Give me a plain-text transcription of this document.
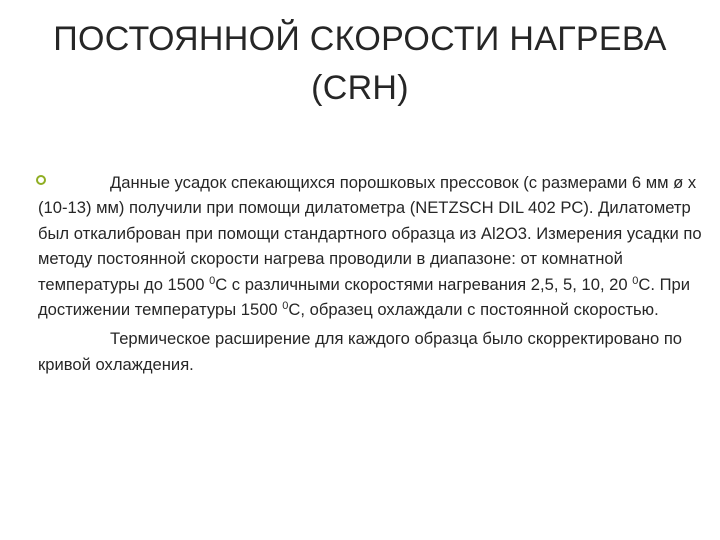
ПОСТОЯННОЙ СКОРОСТИ НАГРЕВА
(CRH)

Данные усадок спекающихся порошковых прессовок (с размерами 6 мм ø х (10-13) мм) получили при помощи дилатометра (NETZSCH DIL 402 PC). Дилатометр был откалиброван при помощи стандартного образца из Al2O3. Измерения усадки по методу постоянной скорости нагрева проводили в диапазоне: от комнатной температуры до 1500 $^0$С с различными скоростями нагревания 2,5, 5, 10, 20 $^0$С. При достижении температуры 1500 $^0$С, образец охлаждали с постоянной скоростью.

Термическое расширение для каждого образца было скорректировано по кривой охлаждения.
